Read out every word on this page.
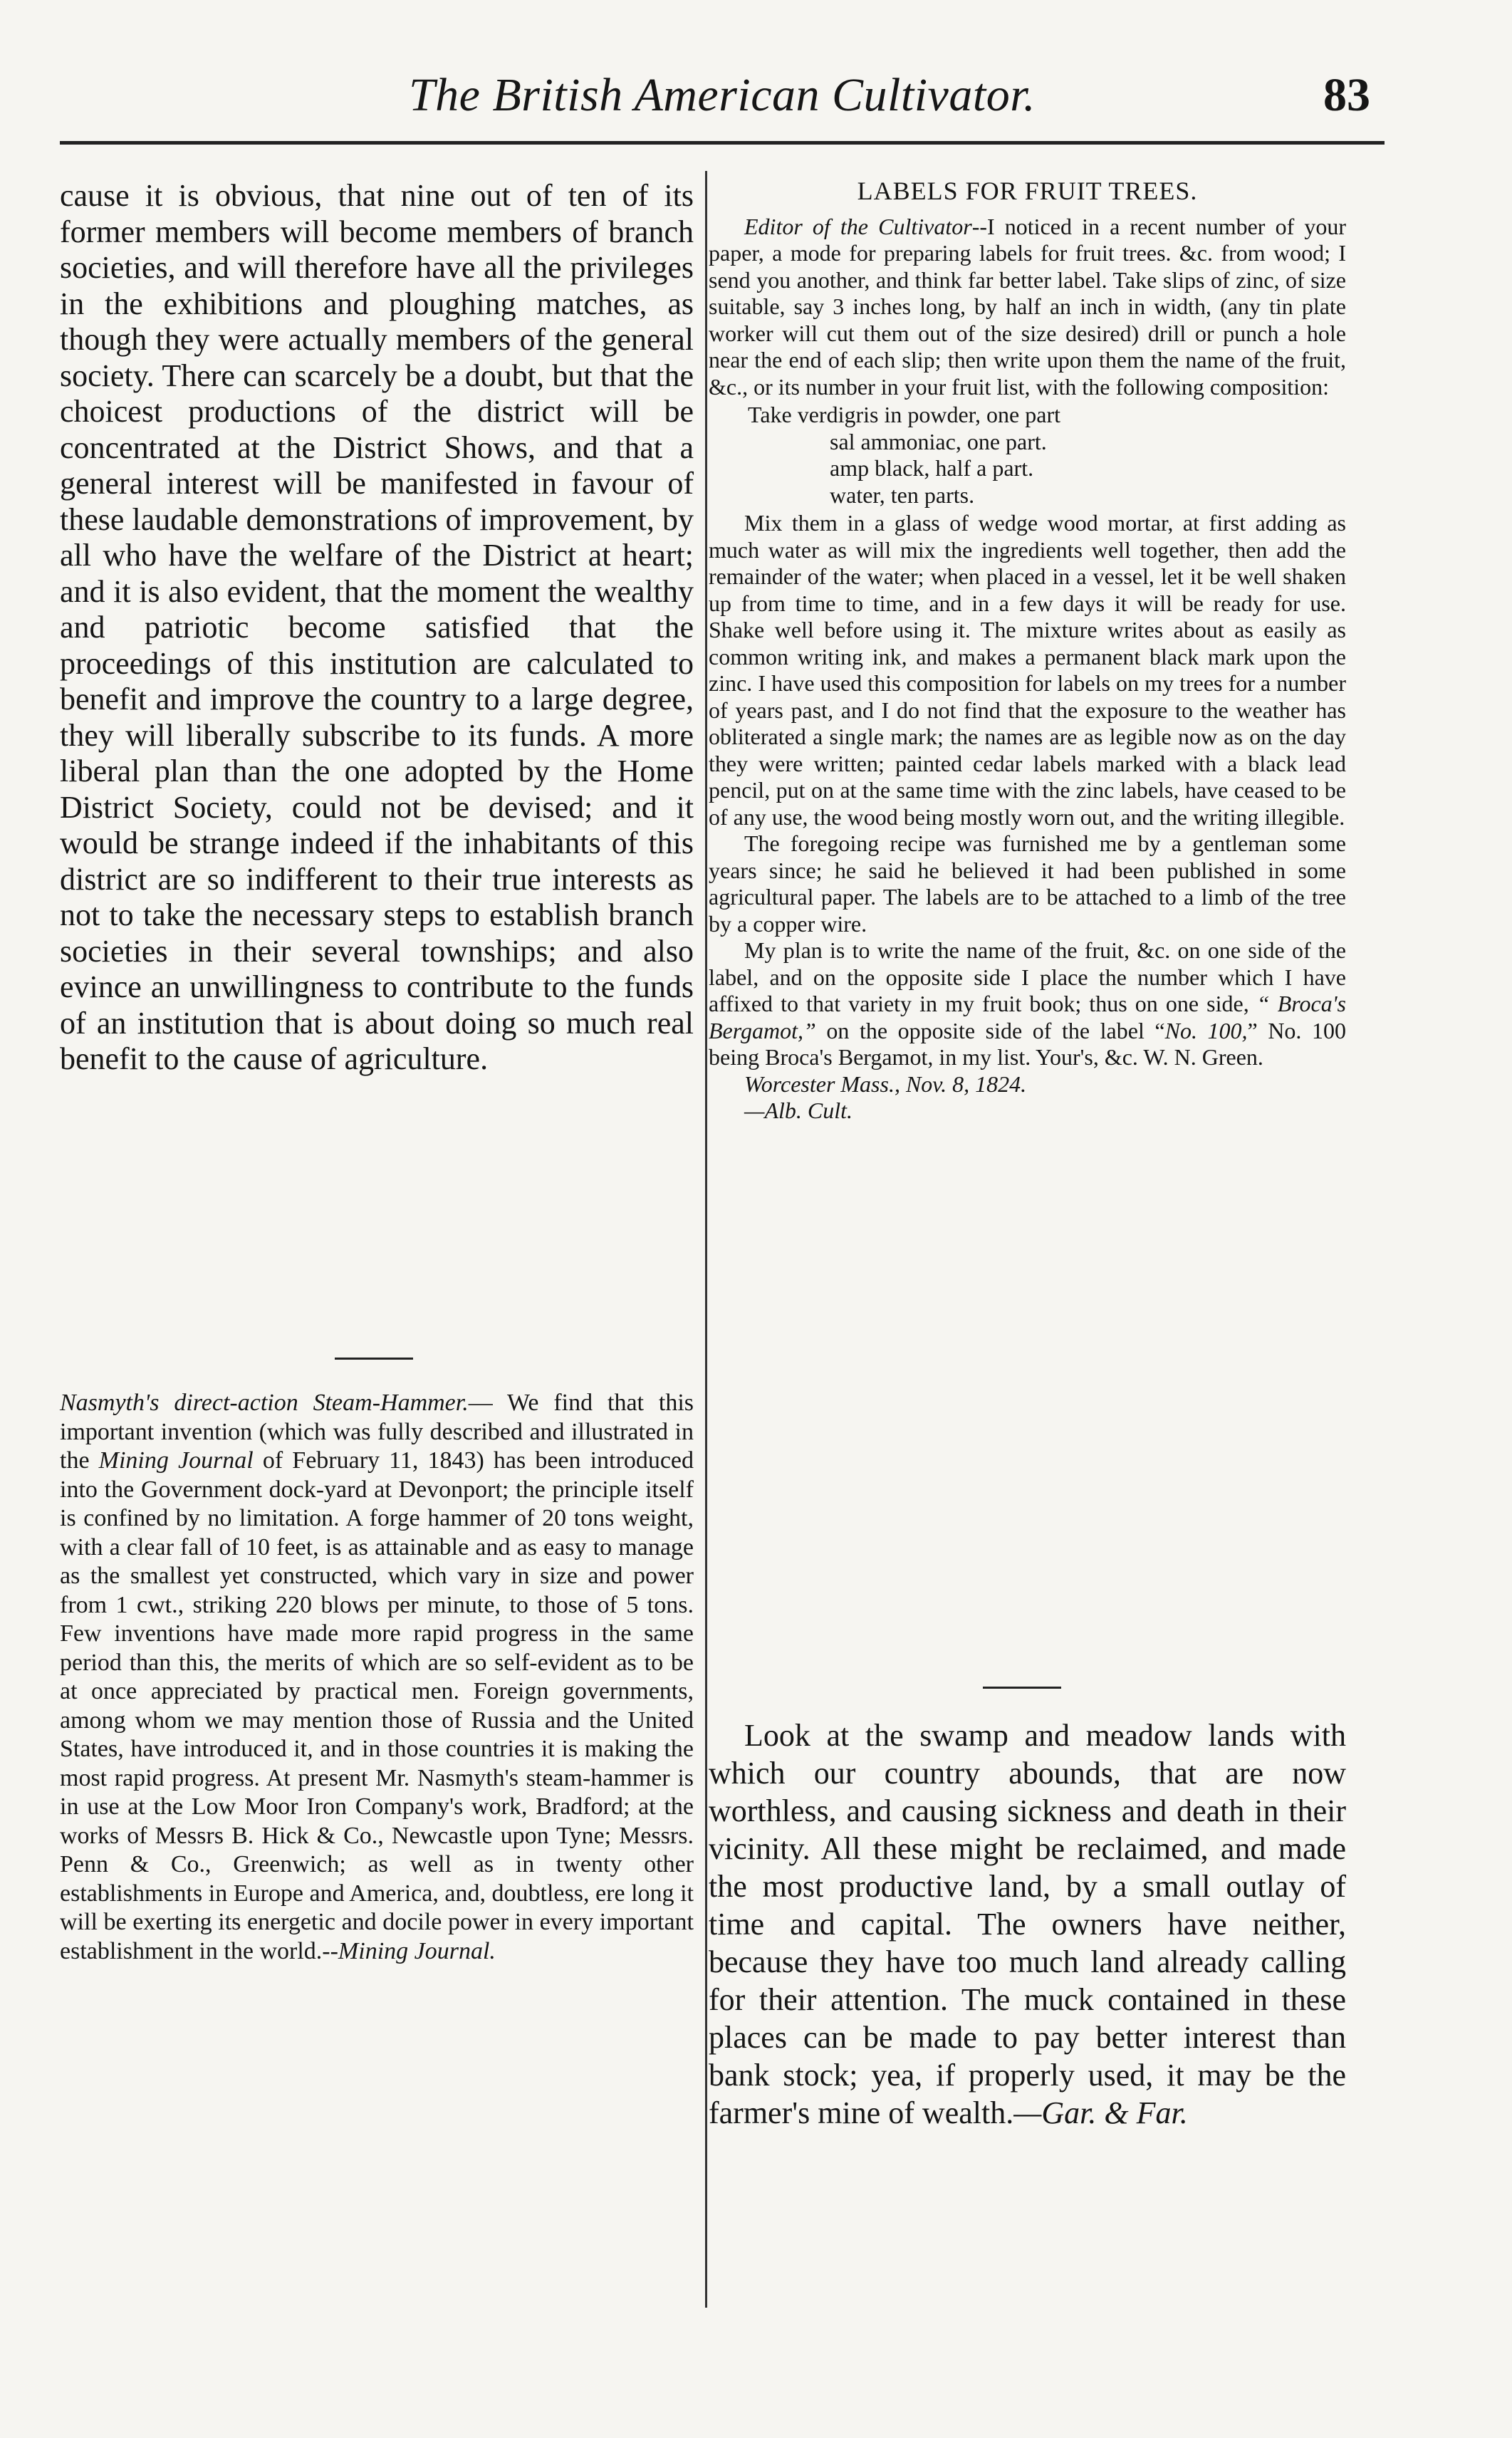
The British American Cultivator.	83

cause it is obvious, that nine out of ten of its former members will become members of branch societies, and will therefore have all the privileges in the exhibitions and ploughing matches, as though they were actually members of the general society. There can scarcely be a doubt, but that the choicest productions of the district will be concentrated at the District Shows, and that a general interest will be manifested in favour of these laudable demonstrations of improvement, by all who have the welfare of the District at heart; and it is also evident, that the moment the wealthy and patriotic become satisfied that the proceedings of this institution are calculated to benefit and improve the country to a large degree, they will liberally subscribe to its funds. A more liberal plan than the one adopted by the Home District Society, could not be devised; and it would be strange indeed if the inhabitants of this district are so indifferent to their true interests as not to take the necessary steps to establish branch societies in their several townships; and also evince an unwillingness to contribute to the funds of an institution that is about doing so much real benefit to the cause of agriculture.

Nasmyth's direct-action Steam-Hammer.— We find that this important invention (which was fully described and illustrated in the Mining Journal of February 11, 1843) has been introduced into the Government dock-yard at Devonport; the principle itself is confined by no limitation. A forge hammer of 20 tons weight, with a clear fall of 10 feet, is as attainable and as easy to manage as the smallest yet constructed, which vary in size and power from 1 cwt., striking 220 blows per minute, to those of 5 tons. Few inventions have made more rapid progress in the same period than this, the merits of which are so self-evident as to be at once appreciated by practical men. Foreign governments, among whom we may mention those of Russia and the United States, have introduced it, and in those countries it is making the most rapid progress. At present Mr. Nasmyth's steam-hammer is in use at the Low Moor Iron Company's work, Bradford; at the works of Messrs B. Hick & Co., Newcastle upon Tyne; Messrs. Penn & Co., Greenwich; as well as in twenty other establishments in Europe and America, and, doubtless, ere long it will be exerting its energetic and docile power in every important establishment in the world.--Mining Journal.

LABELS FOR FRUIT TREES.

Editor of the Cultivator--I noticed in a recent number of your paper, a mode for preparing labels for fruit trees. &c. from wood; I send you another, and think far better label. Take slips of zinc, of size suitable, say 3 inches long, by half an inch in width, (any tin plate worker will cut them out of the size desired) drill or punch a hole near the end of each slip; then write upon them the name of the fruit, &c., or its number in your fruit list, with the following composition:

Take verdigris in powder, one part
sal ammoniac, one part.
amp black, half a part.
water, ten parts.

Mix them in a glass of wedge wood mortar, at first adding as much water as will mix the ingredients well together, then add the remainder of the water; when placed in a vessel, let it be well shaken up from time to time, and in a few days it will be ready for use. Shake well before using it. The mixture writes about as easily as common writing ink, and makes a permanent black mark upon the zinc. I have used this composition for labels on my trees for a number of years past, and I do not find that the exposure to the weather has obliterated a single mark; the names are as legible now as on the day they were written; painted cedar labels marked with a black lead pencil, put on at the same time with the zinc labels, have ceased to be of any use, the wood being mostly worn out, and the writing illegible.

The foregoing recipe was furnished me by a gentleman some years since; he said he believed it had been published in some agricultural paper. The labels are to be attached to a limb of the tree by a copper wire.

My plan is to write the name of the fruit, &c. on one side of the label, and on the opposite side I place the number which I have affixed to that variety in my fruit book; thus on one side, “ Broca's Bergamot,” on the opposite side of the label “No. 100,” No. 100 being Broca's Bergamot, in my list. Your's, &c. W. N. Green.

Worcester Mass., Nov. 8, 1824.

—Alb. Cult.

Look at the swamp and meadow lands with which our country abounds, that are now worthless, and causing sickness and death in their vicinity. All these might be reclaimed, and made the most productive land, by a small outlay of time and capital. The owners have neither, because they have too much land already calling for their attention. The muck contained in these places can be made to pay better interest than bank stock; yea, if properly used, it may be the farmer's mine of wealth.—Gar. & Far.
